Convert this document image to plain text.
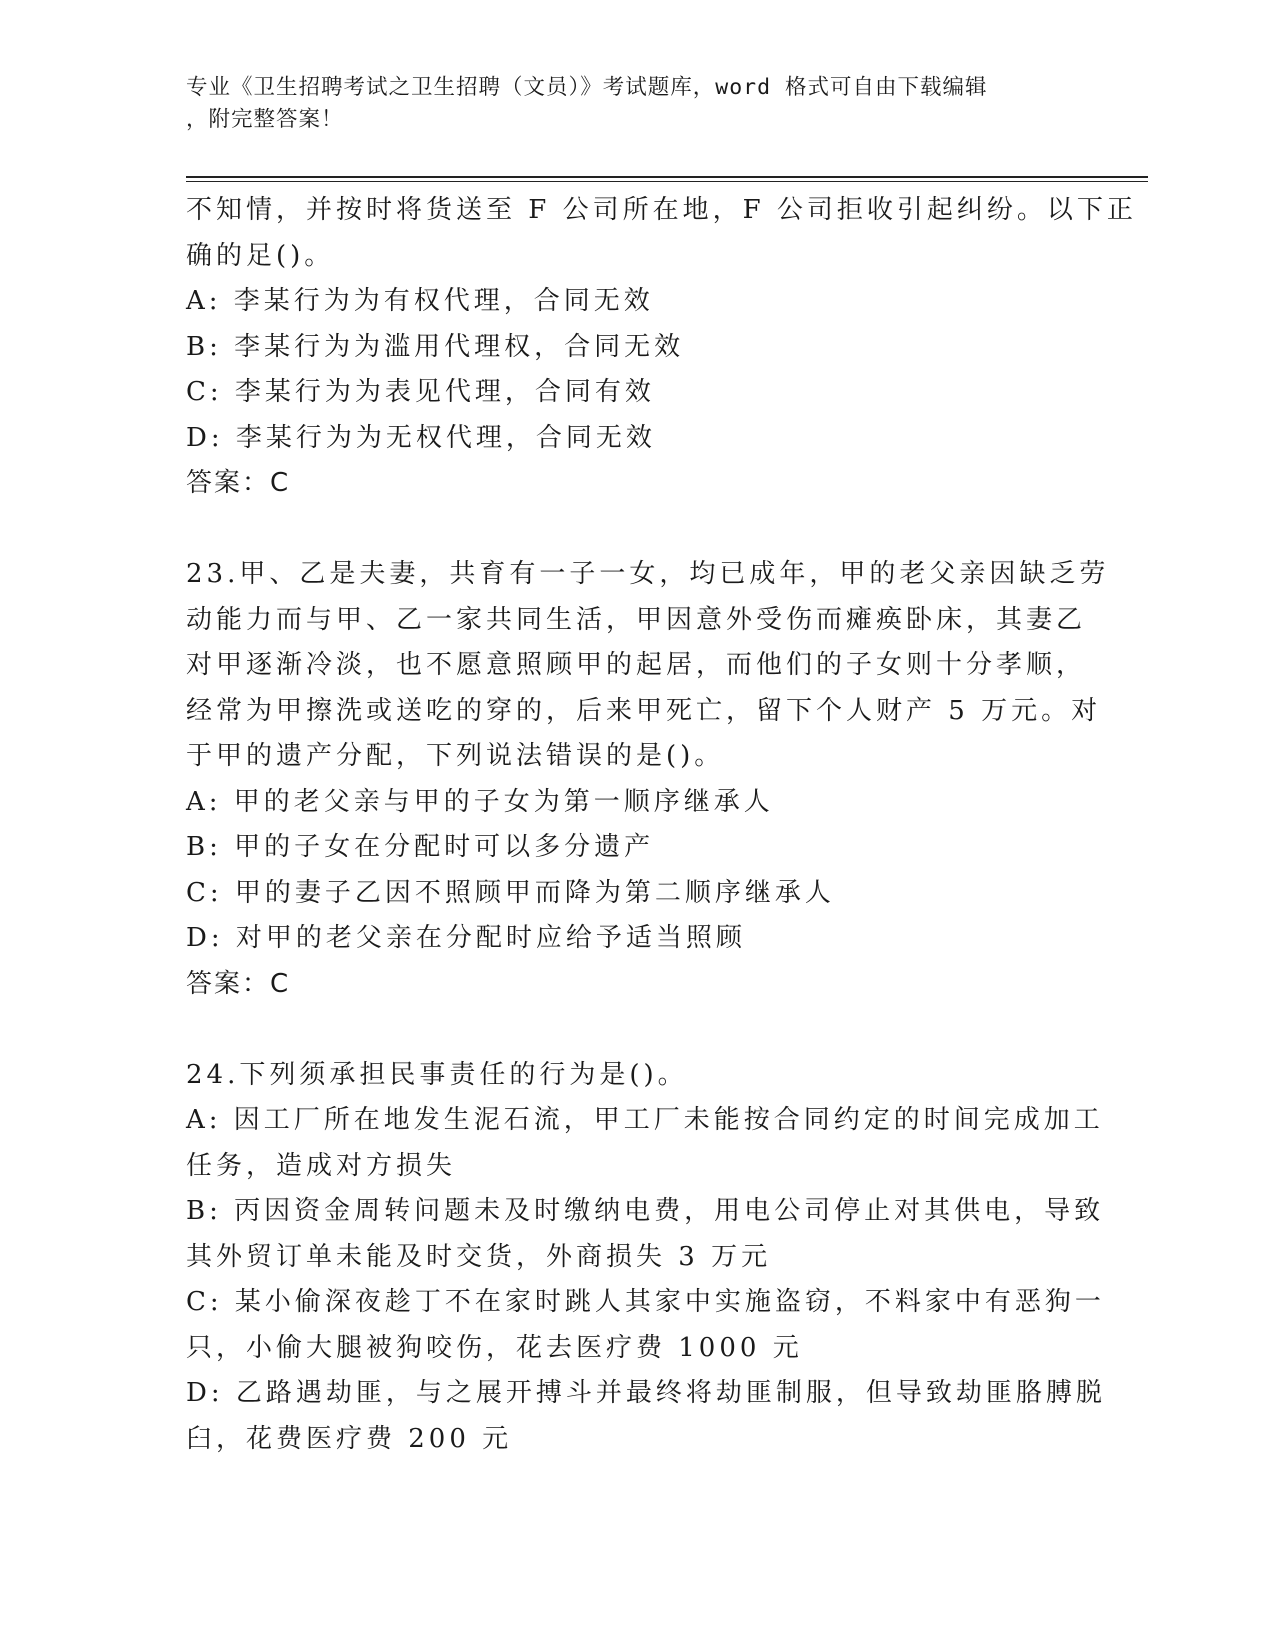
专业《卫生招聘考试之卫生招聘（文员）》考试题库，word 格式可自由下载编辑
，附完整答案！
不知情，并按时将货送至 F 公司所在地，F 公司拒收引起纠纷。以下正
确的足()。
A: 李某行为为有权代理，合同无效
B: 李某行为为滥用代理权，合同无效
C: 李某行为为表见代理，合同有效
D: 李某行为为无权代理，合同无效
答案：C
23.甲、乙是夫妻，共育有一子一女，均已成年，甲的老父亲因缺乏劳
动能力而与甲、乙一家共同生活，甲因意外受伤而瘫痪卧床，其妻乙
对甲逐渐冷淡，也不愿意照顾甲的起居，而他们的子女则十分孝顺，
经常为甲擦洗或送吃的穿的，后来甲死亡，留下个人财产 5 万元。对
于甲的遗产分配，下列说法错误的是()。
A: 甲的老父亲与甲的子女为第一顺序继承人
B: 甲的子女在分配时可以多分遗产
C: 甲的妻子乙因不照顾甲而降为第二顺序继承人
D: 对甲的老父亲在分配时应给予适当照顾
答案：C
24.下列须承担民事责任的行为是()。
A: 因工厂所在地发生泥石流，甲工厂未能按合同约定的时间完成加工
任务，造成对方损失
B: 丙因资金周转问题未及时缴纳电费，用电公司停止对其供电，导致
其外贸订单未能及时交货，外商损失 3 万元
C: 某小偷深夜趁丁不在家时跳人其家中实施盗窃，不料家中有恶狗一
只，小偷大腿被狗咬伤，花去医疗费 1000 元
D: 乙路遇劫匪，与之展开搏斗并最终将劫匪制服，但导致劫匪胳膊脱
臼，花费医疗费 200 元
